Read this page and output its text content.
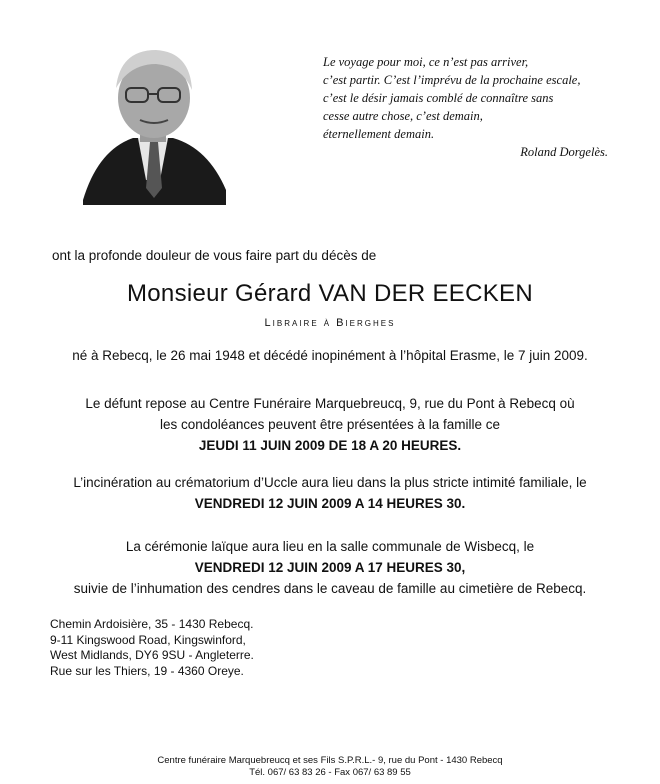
Le voyage pour moi, ce n’est pas arriver,
c’est partir. C’est l’imprévu de la prochaine escale,
c’est le désir jamais comblé de connaître sans
cesse autre chose, c’est demain,
éternellement demain.
Roland Dorgelès.
ont la profonde douleur de vous faire part du décès de
Monsieur Gérard VAN DER EECKEN
Libraire à Bierghes
né à Rebecq, le 26 mai 1948 et décédé inopinément à l’hôpital Erasme, le 7 juin 2009.
Le défunt repose au Centre Funéraire Marquebreucq, 9, rue du Pont à Rebecq où
les condoléances peuvent être présentées à la famille ce
JEUDI 11 JUIN 2009 DE 18 A 20 HEURES.
L’incinération au crématorium d’Uccle aura lieu dans la plus stricte intimité familiale, le
VENDREDI 12 JUIN 2009 A 14 HEURES 30.
La cérémonie laïque aura lieu en la salle communale de Wisbecq, le
VENDREDI 12 JUIN 2009 A 17 HEURES 30,
suivie de l’inhumation des cendres dans le caveau de famille au cimetière de Rebecq.
Chemin Ardoisière, 35 - 1430 Rebecq.
9-11 Kingswood Road, Kingswinford,
West Midlands, DY6 9SU - Angleterre.
Rue sur les Thiers, 19 - 4360 Oreye.
Centre funéraire Marquebreucq et ses Fils S.P.R.L.- 9, rue du Pont - 1430 Rebecq
Tél. 067/ 63 83 26 - Fax 067/ 63 89 55
